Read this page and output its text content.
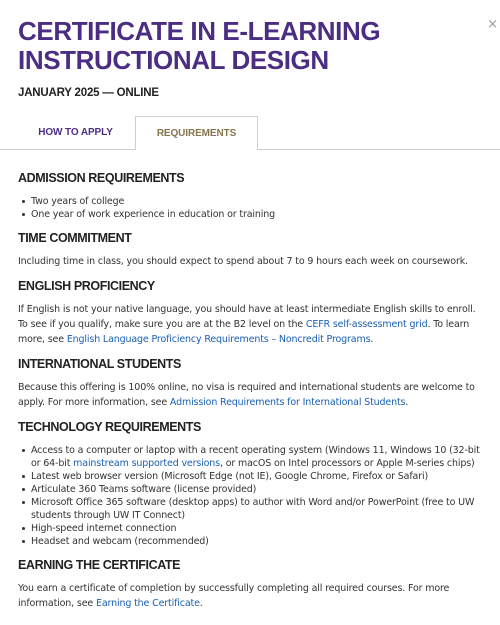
×
CERTIFICATE IN E-LEARNING INSTRUCTIONAL DESIGN
JANUARY 2025 — ONLINE
HOW TO APPLY	REQUIREMENTS
ADMISSION REQUIREMENTS
Two years of college
One year of work experience in education or training
TIME COMMITMENT

Including time in class, you should expect to spend about 7 to 9 hours each week on coursework.

ENGLISH PROFICIENCY

If English is not your native language, you should have at least intermediate English skills to enroll. To see if you qualify, make sure you are at the B2 level on the CEFR self-assessment grid. To learn more, see English Language Proficiency Requirements – Noncredit Programs.

INTERNATIONAL STUDENTS

Because this offering is 100% online, no visa is required and international students are welcome to apply. For more information, see Admission Requirements for International Students.

TECHNOLOGY REQUIREMENTS
Access to a computer or laptop with a recent operating system (Windows 11, Windows 10 (32-bit or 64-bit mainstream supported versions, or macOS on Intel processors or Apple M-series chips)
Latest web browser version (Microsoft Edge (not IE), Google Chrome, Firefox or Safari)
Articulate 360 Teams software (license provided)
Microsoft Office 365 software (desktop apps) to author with Word and/or PowerPoint (free to UW students through UW IT Connect)
High-speed internet connection
Headset and webcam (recommended)
EARNING THE CERTIFICATE

You earn a certificate of completion by successfully completing all required courses. For more information, see Earning the Certificate.
